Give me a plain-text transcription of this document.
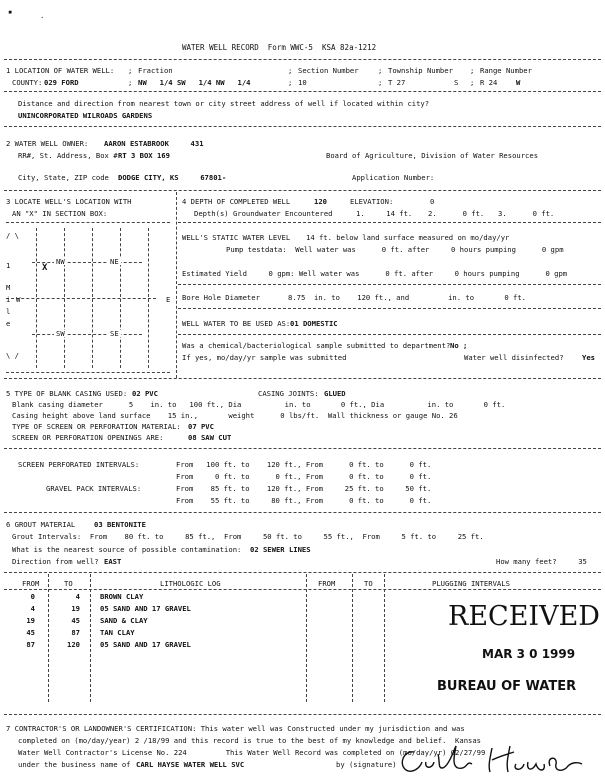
▪
·
WATER WELL RECORD  Form WWC-5  KSA 82a-1212
1 LOCATION OF WATER WELL:
COUNTY: 029 FORD
; Fraction
; NW   1/4 SW   1/4 NW   1/4
; Section Number
; 10
; Township Number
; T 27	S
; Range Number
; R 24	W
Distance and direction from nearest town or city street address of well if located within city?
UNINCORPORATED WILROADS GARDENS
2 WATER WELL OWNER: AARON ESTABROOK     431
RR#, St. Address, Box # :
RT 3 BOX 169	Board of Agriculture, Division of Water Resources
City, State, ZIP code  :
DODGE CITY, KS     67801-	Application Number:
3 LOCATE WELL'S LOCATION WITH
AN "X" IN SECTION BOX:
/ \
\ /
NW	NE
SW	SE
1
M
i W
l
e
E
X
4 DEPTH OF COMPLETED WELL	120	ELEVATION:	0
Depth(s) Groundwater Encountered	1.     14 ft. 2.      0 ft. 3.      0 ft.
WELL'S STATIC WATER LEVEL 14 ft. below land surface measured on mo/day/yr
Pump testdata:  Well water was      0 ft. after     0 hours pumping      0 gpm
Estimated Yield     0 gpm: Well water was      0 ft. after     0 hours pumping      0 gpm
Bore Hole Diameter	8.75  in. to    120 ft., and         in. to       0 ft.
WELL WATER TO BE USED AS: 01 DOMESTIC
Was a chemical/bacteriological sample submitted to department? No ;
If yes, mo/day/yr sample was submitted	Water well disinfected?	Yes
5 TYPE OF BLANK CASING USED: 02 PVC	CASING JOINTS: GLUED
Blank casing diameter      5    in. to   100 ft., Dia          in. to       0 ft., Dia          in. to       0 ft.
Casing height above land surface    15 in.,       weight      0 lbs/ft.  Wall thickness or gauge No. 26
TYPE OF SCREEN OR PERFORATION MATERIAL: 07 PVC
SCREEN OR PERFORATION OPENINGS ARE:	08 SAW CUT
SCREEN PERFORATED INTERVALS:	From   100 ft. to    120 ft., From      0 ft. to      0 ft.
From     0 ft. to      0 ft., From      0 ft. to      0 ft.
GRAVEL PACK INTERVALS:	From    85 ft. to    120 ft., From     25 ft. to     50 ft.
From    55 ft. to     80 ft., From      0 ft. to      0 ft.
6 GROUT MATERIAL	03 BENTONITE
Grout Intervals:  From    80 ft. to     85 ft.,  From     50 ft. to     55 ft.,  From     5 ft. to     25 ft.
What is the nearest source of possible contamination: 02 SEWER LINES
Direction from well? EAST	How many feet?     35
FROM	TO	LITHOLOGIC LOG	FROM	TO	PLUGGING INTERVALS
0	4	BROWN CLAY
4	19	05 SAND AND 17 GRAVEL
19	45	SAND & CLAY
45	87	TAN CLAY
87	120	05 SAND AND 17 GRAVEL
RECEIVED
MAR 3 0 1999
BUREAU OF WATER
7 CONTRACTOR'S OR LANDOWNER'S CERTIFICATION: This water well was Constructed under my jurisdiction and was
completed on (mo/day/year) 2 /18/99 and this record is true to the best of my knowledge and belief.  Kansas
Water Well Contractor's License No. 224         This Water Well Record was completed on (mo/day/yr) 02/27/99
under the business name of CARL HAYSE WATER WELL SVC	by (signature)
